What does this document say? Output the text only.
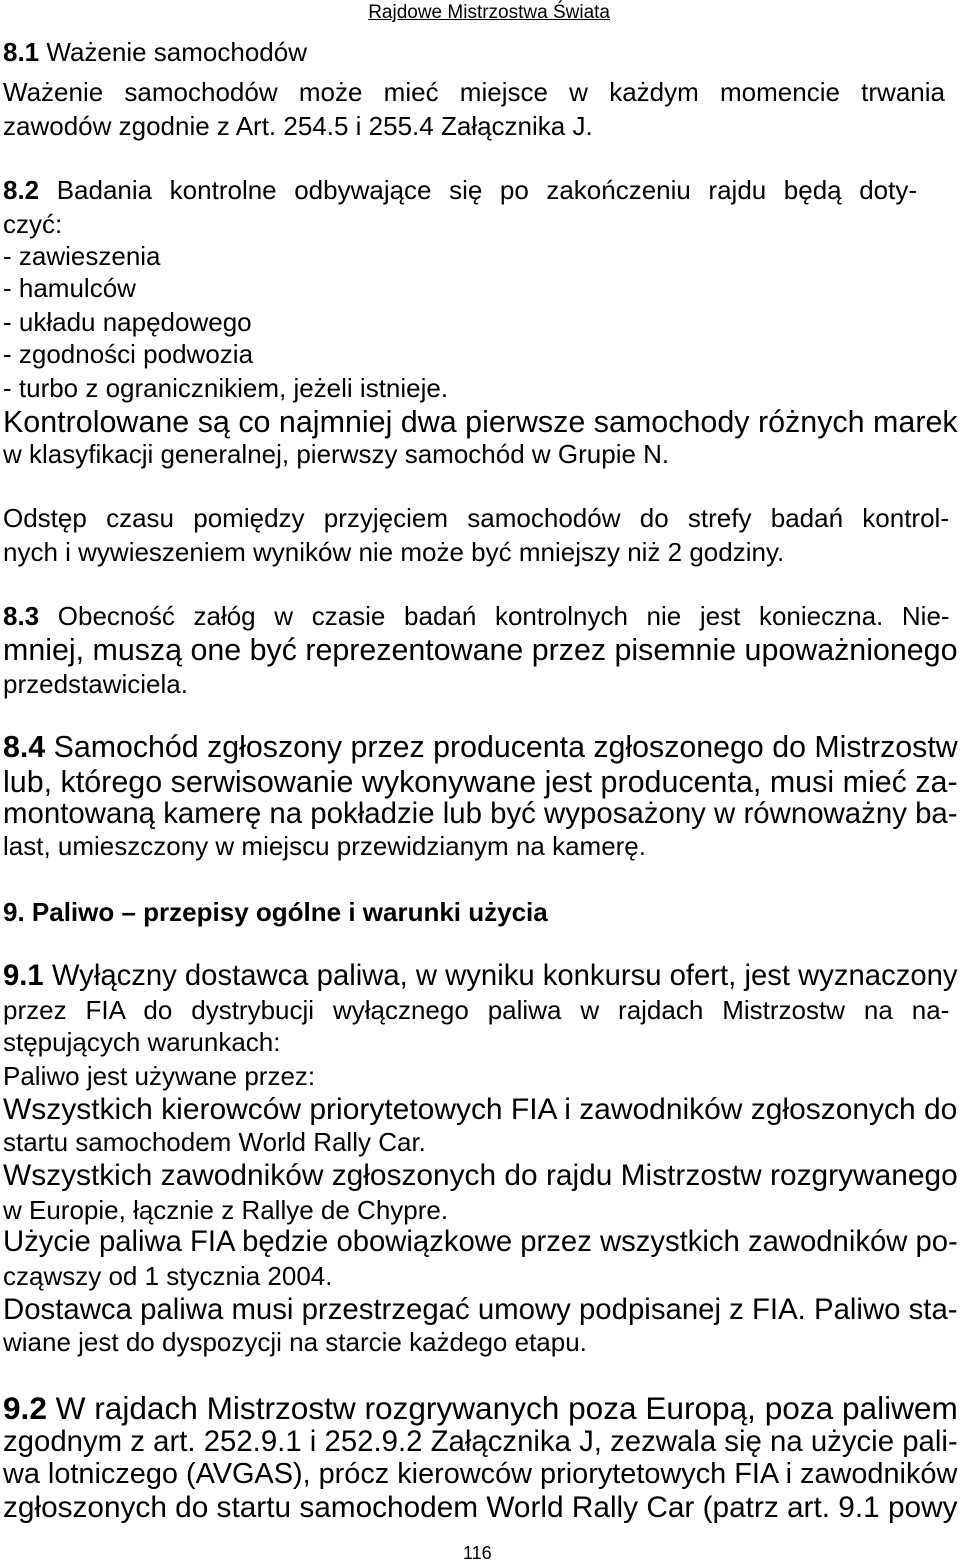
Rajdowe Mistrzostwa Świata
8.1 Ważenie samochodów
Ważenie samochodów może mieć miejsce w każdym momencie trwania
zawodów zgodnie z Art. 254.5 i 255.4 Załącznika J.
8.2 Badania kontrolne odbywające się po zakończeniu rajdu będą doty-
czyć:
- zawieszenia
- hamulców
- układu napędowego
- zgodności podwozia
- turbo z ogranicznikiem, jeżeli istnieje.
Kontrolowane są co najmniej dwa pierwsze samochody różnych marek
w klasyfikacji generalnej, pierwszy samochód w Grupie N.
Odstęp czasu pomiędzy przyjęciem samochodów do strefy badań kontrol-
nych i wywieszeniem wyników nie może być mniejszy niż 2 godziny.
8.3 Obecność załóg w czasie badań kontrolnych nie jest konieczna. Nie-
mniej, muszą one być reprezentowane przez pisemnie upoważnionego
przedstawiciela.
8.4 Samochód zgłoszony przez producenta zgłoszonego do Mistrzostw
lub, którego serwisowanie wykonywane jest producenta, musi mieć za-
montowaną kamerę na pokładzie lub być wyposażony w równoważny ba-
last, umieszczony w miejscu przewidzianym na kamerę.
9. Paliwo – przepisy ogólne i warunki użycia
9.1 Wyłączny dostawca paliwa, w wyniku konkursu ofert, jest wyznaczony
przez FIA do dystrybucji wyłącznego paliwa w rajdach Mistrzostw na na-
stępujących warunkach:
Paliwo jest używane przez:
Wszystkich kierowców priorytetowych FIA i zawodników zgłoszonych do
startu samochodem World Rally Car.
Wszystkich zawodników zgłoszonych do rajdu Mistrzostw rozgrywanego
w Europie, łącznie z Rallye de Chypre.
Użycie paliwa FIA będzie obowiązkowe przez wszystkich zawodników po-
cząwszy od 1 stycznia 2004.
Dostawca paliwa musi przestrzegać umowy podpisanej z FIA. Paliwo sta-
wiane jest do dyspozycji na starcie każdego etapu.
9.2 W rajdach Mistrzostw rozgrywanych poza Europą, poza paliwem
zgodnym z art. 252.9.1 i 252.9.2 Załącznika J, zezwala się na użycie pali-
wa lotniczego (AVGAS), prócz kierowców priorytetowych FIA i zawodników
zgłoszonych do startu samochodem World Rally Car (patrz art. 9.1 powy
116
